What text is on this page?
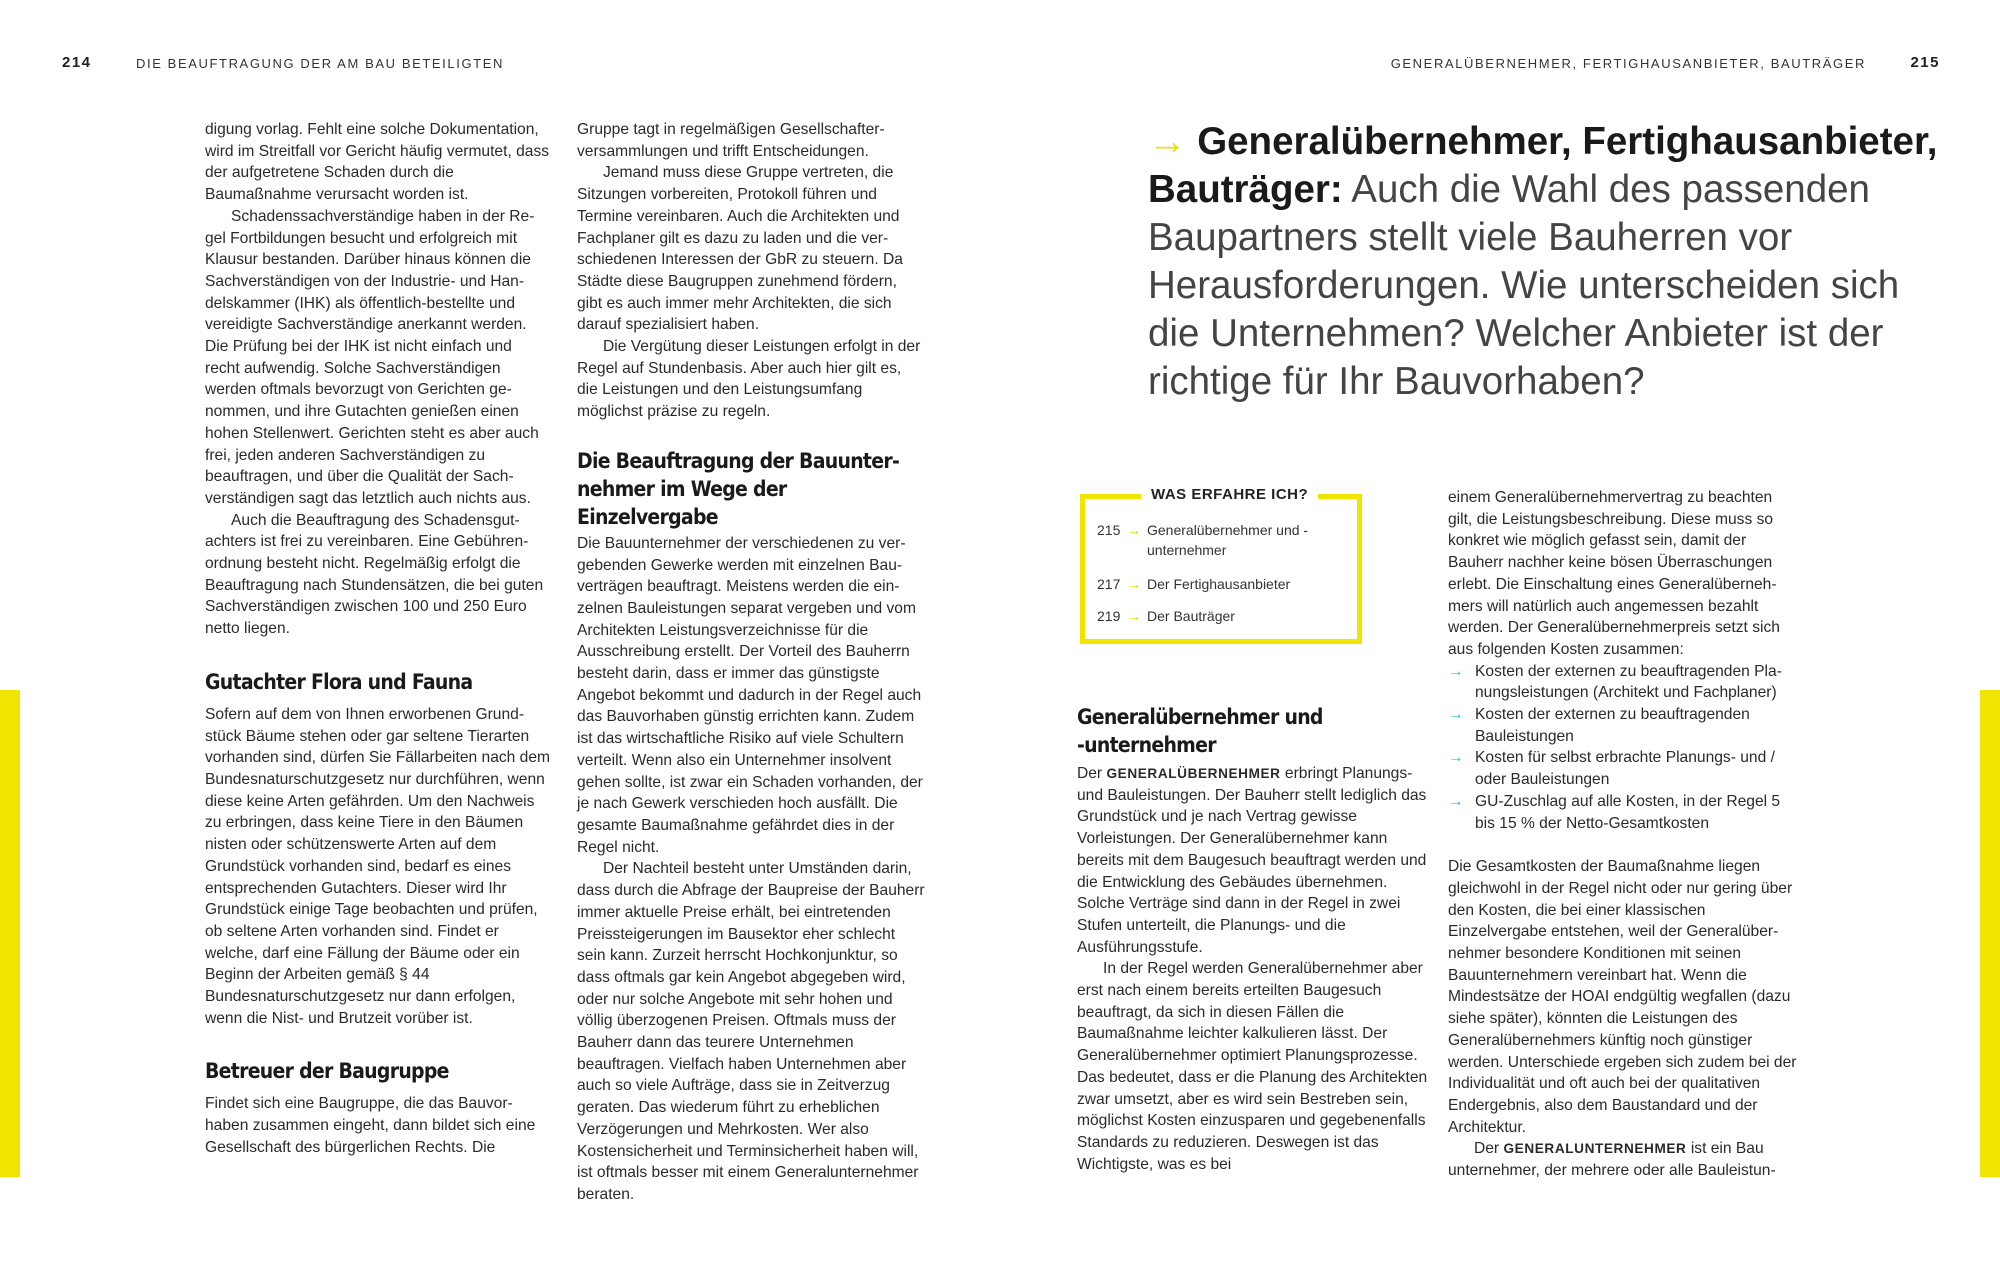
214	DIE BEAUFTRAGUNG DER AM BAU BETEILIGTEN	GENERALÜBERNEHMER, FERTIGHAUSANBIETER, BAUTRÄGER	215

digung vorlag. Fehlt eine solche Dokumentation, wird im Streitfall vor Gericht häufig vermutet, dass der aufgetretene Schaden durch die Baumaßnahme verursacht worden ist.

Schadenssachverständige haben in der Regel Fortbildungen besucht und erfolgreich mit Klausur bestanden. Darüber hinaus können die Sachverständigen von der Industrie- und Handelskammer (IHK) als öffentlich-bestellte und vereidigte Sachverständige anerkannt werden. Die Prüfung bei der IHK ist nicht einfach und recht aufwendig. Solche Sachverständigen werden oftmals bevorzugt von Gerichten genommen, und ihre Gutachten genießen einen hohen Stellenwert. Gerichten steht es aber auch frei, jeden anderen Sachverständigen zu beauftragen, und über die Qualität der Sachverständigen sagt das letztlich auch nichts aus.

Auch die Beauftragung des Schadensgutachters ist frei zu vereinbaren. Eine Gebührenordnung besteht nicht. Regelmäßig erfolgt die Beauftragung nach Stundensätzen, die bei guten Sachverständigen zwischen 100 und 250 Euro netto liegen.

Gutachter Flora und Fauna

Sofern auf dem von Ihnen erworbenen Grundstück Bäume stehen oder gar seltene Tierarten vorhanden sind, dürfen Sie Fällarbeiten nach dem Bundesnaturschutzgesetz nur durchführen, wenn diese keine Arten gefährden. Um den Nachweis zu erbringen, dass keine Tiere in den Bäumen nisten oder schützenswerte Arten auf dem Grundstück vorhanden sind, bedarf es eines entsprechenden Gutachters. Dieser wird Ihr Grundstück einige Tage beobachten und prüfen, ob seltene Arten vorhanden sind. Findet er welche, darf eine Fällung der Bäume oder ein Beginn der Arbeiten gemäß § 44 Bundesnaturschutzgesetz nur dann erfolgen, wenn die Nist- und Brutzeit vorüber ist.

Betreuer der Baugruppe

Findet sich eine Baugruppe, die das Bauvorhaben zusammen eingeht, dann bildet sich eine Gesellschaft des bürgerlichen Rechts. Die

Gruppe tagt in regelmäßigen Gesellschafterversammlungen und trifft Entscheidungen.

Jemand muss diese Gruppe vertreten, die Sitzungen vorbereiten, Protokoll führen und Termine vereinbaren. Auch die Architekten und Fachplaner gilt es dazu zu laden und die verschiedenen Interessen der GbR zu steuern. Da Städte diese Baugruppen zunehmend fördern, gibt es auch immer mehr Architekten, die sich darauf spezialisiert haben.

Die Vergütung dieser Leistungen erfolgt in der Regel auf Stundenbasis. Aber auch hier gilt es, die Leistungen und den Leistungsumfang möglichst präzise zu regeln.

Die Beauftragung der Bauunternehmer im Wege der Einzelvergabe

Die Bauunternehmer der verschiedenen zu vergebenden Gewerke werden mit einzelnen Bauverträgen beauftragt. Meistens werden die einzelnen Bauleistungen separat vergeben und vom Architekten Leistungsverzeichnisse für die Ausschreibung erstellt. Der Vorteil des Bauherrn besteht darin, dass er immer das günstigste Angebot bekommt und dadurch in der Regel auch das Bauvorhaben günstig errichten kann. Zudem ist das wirtschaftliche Risiko auf viele Schultern verteilt. Wenn also ein Unternehmer insolvent gehen sollte, ist zwar ein Schaden vorhanden, der je nach Gewerk verschieden hoch ausfällt. Die gesamte Baumaßnahme gefährdet dies in der Regel nicht.

Der Nachteil besteht unter Umständen darin, dass durch die Abfrage der Baupreise der Bauherr immer aktuelle Preise erhält, bei eintretenden Preissteigerungen im Bausektor eher schlecht sein kann. Zurzeit herrscht Hochkonjunktur, so dass oftmals gar kein Angebot abgegeben wird, oder nur solche Angebote mit sehr hohen und völlig überzogenen Preisen. Oftmals muss der Bauherr dann das teurere Unternehmen beauftragen. Vielfach haben Unternehmen aber auch so viele Aufträge, dass sie in Zeitverzug geraten. Das wiederum führt zu erheblichen Verzögerungen und Mehrkosten. Wer also Kostensicherheit und Terminsicherheit haben will, ist oftmals besser mit einem Generalunternehmer beraten.

→ Generalübernehmer, Fertighausanbieter, Bauträger: Auch die Wahl des passenden Baupartners stellt viele Bauherren vor Herausforderungen. Wie unterscheiden sich die Unternehmen? Welcher Anbieter ist der richtige für Ihr Bauvorhaben?
WAS ERFAHRE ICH?
215 → Generalübernehmer und -unternehmer
217 → Der Fertighausanbieter
219 → Der Bauträger
Generalübernehmer und -unternehmer

Der GENERALÜBERNEHMER erbringt Planungs- und Bauleistungen. Der Bauherr stellt lediglich das Grundstück und je nach Vertrag gewisse Vorleistungen. Der Generalübernehmer kann bereits mit dem Baugesuch beauftragt werden und die Entwicklung des Gebäudes übernehmen. Solche Verträge sind dann in der Regel in zwei Stufen unterteilt, die Planungs- und die Ausführungsstufe.

In der Regel werden Generalübernehmer aber erst nach einem bereits erteilten Baugesuch beauftragt, da sich in diesen Fällen die Baumaßnahme leichter kalkulieren lässt. Der Generalübernehmer optimiert Planungsprozesse. Das bedeutet, dass er die Planung des Architekten zwar umsetzt, aber es wird sein Bestreben sein, möglichst Kosten einzusparen und gegebenenfalls Standards zu reduzieren. Deswegen ist das Wichtigste, was es bei

einem Generalübernehmervertrag zu beachten gilt, die Leistungsbeschreibung. Diese muss so konkret wie möglich gefasst sein, damit der Bauherr nachher keine bösen Überraschungen erlebt. Die Einschaltung eines Generalübernehmers will natürlich auch angemessen bezahlt werden. Der Generalübernehmerpreis setzt sich aus folgenden Kosten zusammen:

→ Kosten der externen zu beauftragenden Planungsleistungen (Architekt und Fachplaner)
→ Kosten der externen zu beauftragenden Bauleistungen
→ Kosten für selbst erbrachte Planungs- und / oder Bauleistungen
→ GU-Zuschlag auf alle Kosten, in der Regel 5 bis 15 % der Netto-Gesamtkosten

Die Gesamtkosten der Baumaßnahme liegen gleichwohl in der Regel nicht oder nur gering über den Kosten, die bei einer klassischen Einzelvergabe entstehen, weil der Generalübernehmer besondere Konditionen mit seinen Bauunternehmern vereinbart hat. Wenn die Mindestsätze der HOAI endgültig wegfallen (dazu siehe später), könnten die Leistungen des Generalübernehmers künftig noch günstiger werden. Unterschiede ergeben sich zudem bei der Individualität und oft auch bei der qualitativen Endergebnis, also dem Baustandard und der Architektur.

Der GENERALUNTERNEHMER ist ein Bau unternehmer, der mehrere oder alle Bauleistun-
